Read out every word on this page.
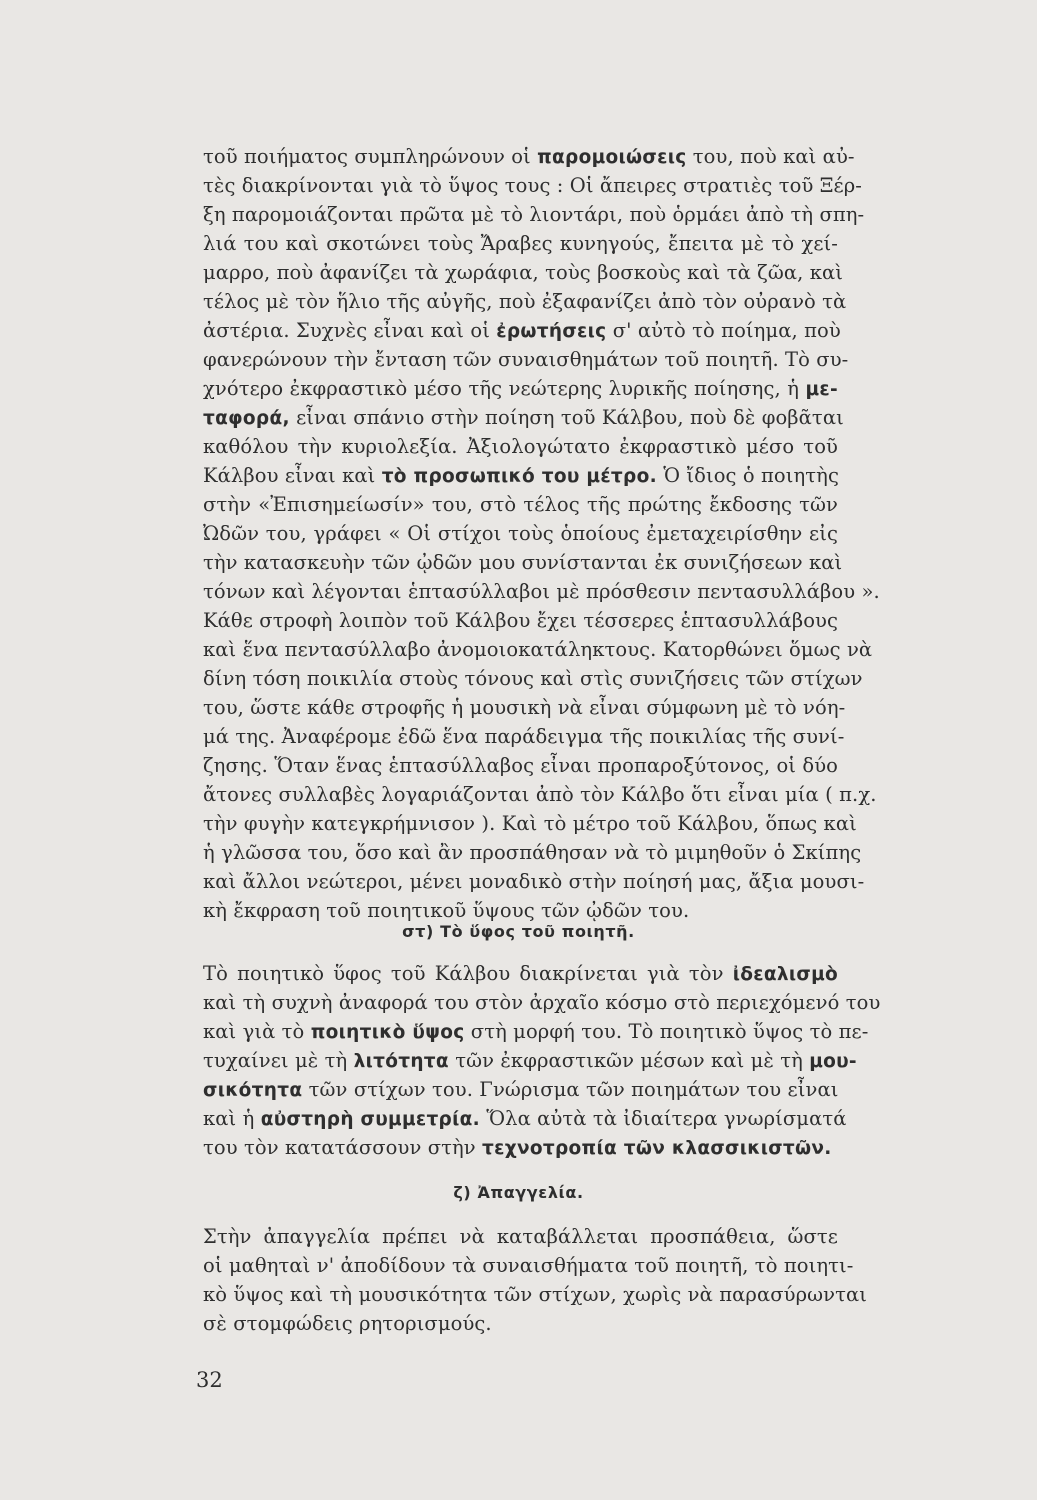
τοῦ ποιήματος συμπληρώνουν οἱ παρομοιώσεις του, ποὺ καὶ αὐ-
τὲς διακρίνονται γιὰ τὸ ὕψος τους : Οἱ ἄπειρες στρατιὲς τοῦ Ξέρ-
ξη παρομοιάζονται πρῶτα μὲ τὸ λιοντάρι, ποὺ ὁρμάει ἀπὸ τὴ σπη-
λιά του καὶ σκοτώνει τοὺς Ἄραβες κυνηγούς, ἔπειτα μὲ τὸ χεί-
μαρρο, ποὺ ἀφανίζει τὰ χωράφια, τοὺς βοσκοὺς καὶ τὰ ζῶα, καὶ
τέλος μὲ τὸν ἥλιο τῆς αὐγῆς, ποὺ ἐξαφανίζει ἀπὸ τὸν οὐρανὸ τὰ
ἀστέρια. Συχνὲς εἶναι καὶ οἱ ἐρωτήσεις σ' αὐτὸ τὸ ποίημα, ποὺ
φανερώνουν τὴν ἔνταση τῶν συναισθημάτων τοῦ ποιητῆ. Τὸ συ-
χνότερο ἐκφραστικὸ μέσο τῆς νεώτερης λυρικῆς ποίησης, ἡ με-
ταφορά, εἶναι σπάνιο στὴν ποίηση τοῦ Κάλβου, ποὺ δὲ φοβᾶται
καθόλου τὴν κυριολεξία. Ἀξιολογώτατο ἐκφραστικὸ μέσο τοῦ
Κάλβου εἶναι καὶ τὸ προσωπικό του μέτρο. Ὁ ἴδιος ὁ ποιητὴς
στὴν «Ἐπισημείωσίν» του, στὸ τέλος τῆς πρώτης ἔκδοσης τῶν
Ὠδῶν του, γράφει « Οἱ στίχοι τοὺς ὁποίους ἐμεταχειρίσθην εἰς
τὴν κατασκευὴν τῶν ᾠδῶν μου συνίστανται ἐκ συνιζήσεων καὶ
τόνων καὶ λέγονται ἑπτασύλλαβοι μὲ πρόσθεσιν πεντασυλλάβου ».
Κάθε στροφὴ λοιπὸν τοῦ Κάλβου ἔχει τέσσερες ἑπτασυλλάβους
καὶ ἕνα πεντασύλλαβο ἀνομοιοκατάληκτους. Κατορθώνει ὅμως νὰ
δίνη τόση ποικιλία στοὺς τόνους καὶ στὶς συνιζήσεις τῶν στίχων
του, ὥστε κάθε στροφῆς ἡ μουσικὴ νὰ εἶναι σύμφωνη μὲ τὸ νόη-
μά της. Ἀναφέρομε ἐδῶ ἕνα παράδειγμα τῆς ποικιλίας τῆς συνί-
ζησης. Ὅταν ἕνας ἑπτασύλλαβος εἶναι προπαροξύτονος, οἱ δύο
ἄτονες συλλαβὲς λογαριάζονται ἀπὸ τὸν Κάλβο ὅτι εἶναι μία ( π.χ.
τὴν φυγὴν κατεγκρήμνισον ). Καὶ τὸ μέτρο τοῦ Κάλβου, ὅπως καὶ
ἡ γλῶσσα του, ὅσο καὶ ἂν προσπάθησαν νὰ τὸ μιμηθοῦν ὁ Σκίπης
καὶ ἄλλοι νεώτεροι, μένει μοναδικὸ στὴν ποίησή μας, ἄξια μουσι-
κὴ ἔκφραση τοῦ ποιητικοῦ ὕψους τῶν ᾠδῶν του.
στ) Τὸ ὕφος τοῦ ποιητῆ.
Τὸ ποιητικὸ ὕφος τοῦ Κάλβου διακρίνεται γιὰ τὸν ἰδεαλισμὸ
καὶ τὴ συχνὴ ἀναφορά του στὸν ἀρχαῖο κόσμο στὸ περιεχόμενό του
καὶ γιὰ τὸ ποιητικὸ ὕψος στὴ μορφή του. Τὸ ποιητικὸ ὕψος τὸ πε-
τυχαίνει μὲ τὴ λιτότητα τῶν ἐκφραστικῶν μέσων καὶ μὲ τὴ μου-
σικότητα τῶν στίχων του. Γνώρισμα τῶν ποιημάτων του εἶναι
καὶ ἡ αὐστηρὴ συμμετρία. Ὅλα αὐτὰ τὰ ἰδιαίτερα γνωρίσματά
του τὸν κατατάσσουν στὴν τεχνοτροπία τῶν κλασσικιστῶν.
ζ) Ἀπαγγελία.
Στὴν ἀπαγγελία πρέπει νὰ καταβάλλεται προσπάθεια, ὥστε
οἱ μαθηταὶ ν' ἀποδίδουν τὰ συναισθήματα τοῦ ποιητῆ, τὸ ποιητι-
κὸ ὕψος καὶ τὴ μουσικότητα τῶν στίχων, χωρὶς νὰ παρασύρωνται
σὲ στομφώδεις ρητορισμούς.
32
